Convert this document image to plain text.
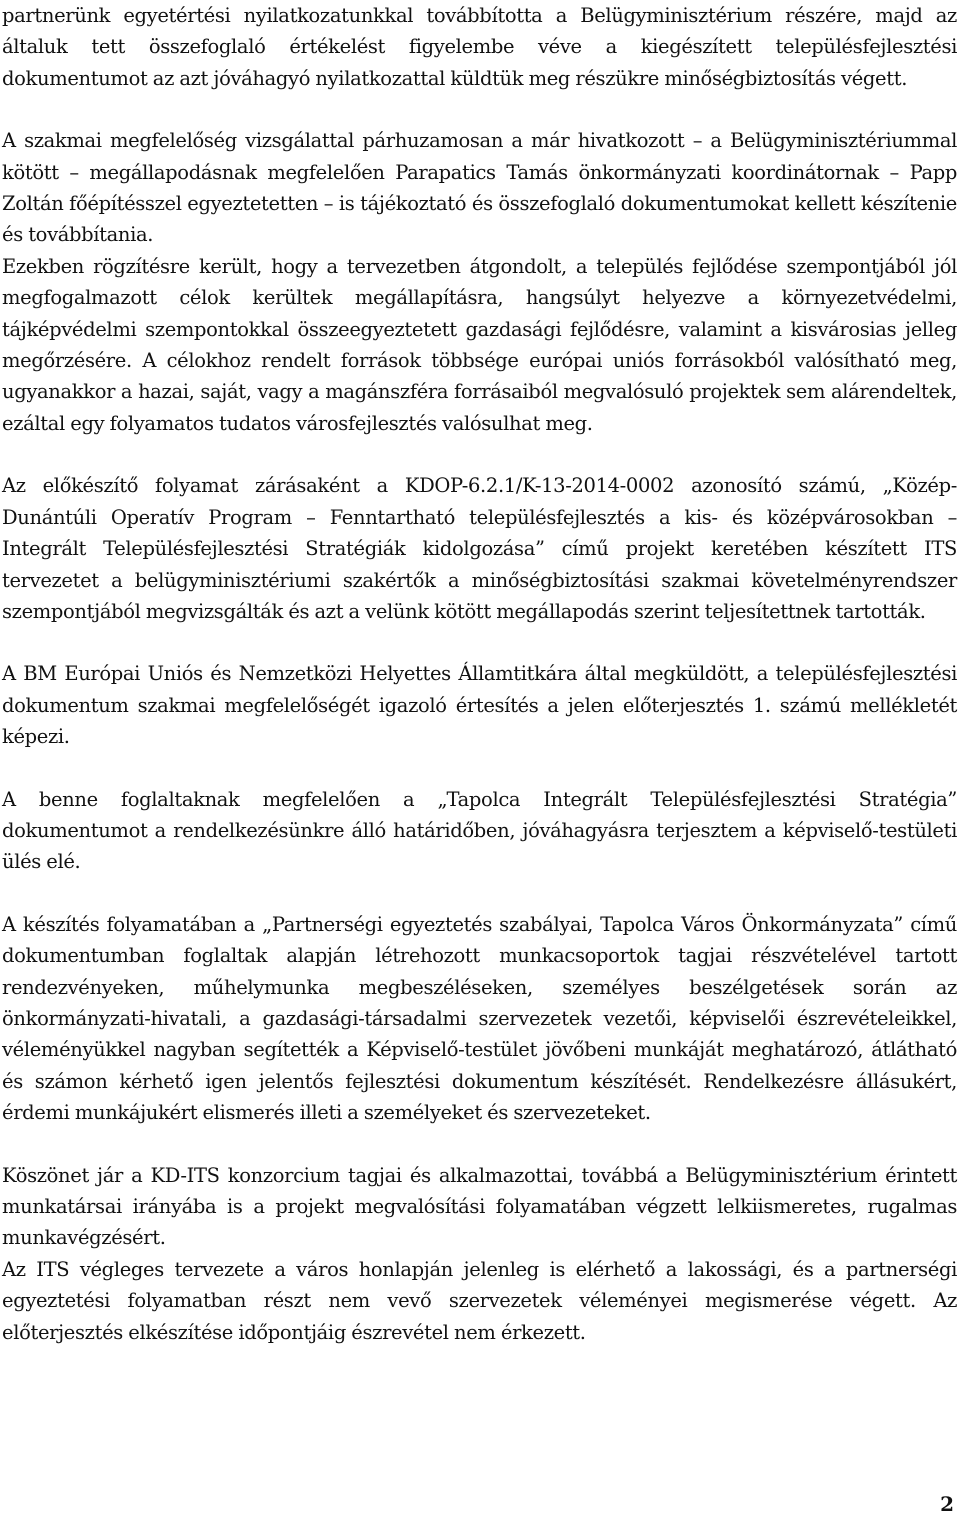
partnerünk egyetértési nyilatkozatunkkal továbbította a Belügyminisztérium részére, majd az általuk tett összefoglaló értékelést figyelembe véve a kiegészített településfejlesztési dokumentumot az azt jóváhagyó nyilatkozattal küldtük meg részükre minőségbiztosítás végett.

A szakmai megfelelőség vizsgálattal párhuzamosan a már hivatkozott – a Belügyminisztériummal kötött – megállapodásnak megfelelően Parapatics Tamás önkormányzati koordinátornak – Papp Zoltán főépítésszel egyeztetetten – is tájékoztató és összefoglaló dokumentumokat kellett készítenie és továbbítania.

Ezekben rögzítésre került, hogy a tervezetben átgondolt, a település fejlődése szempontjából jól megfogalmazott célok kerültek megállapításra, hangsúlyt helyezve a környezetvédelmi, tájképvédelmi szempontokkal összeegyeztetett gazdasági fejlődésre, valamint a kisvárosias jelleg megőrzésére. A célokhoz rendelt források többsége európai uniós forrásokból valósítható meg, ugyanakkor a hazai, saját, vagy a magánszféra forrásaiból megvalósuló projektek sem alárendeltek, ezáltal egy folyamatos tudatos városfejlesztés valósulhat meg.

Az előkészítő folyamat zárásaként a KDOP-6.2.1/K-13-2014-0002 azonosító számú, „Közép-Dunántúli Operatív Program – Fenntartható településfejlesztés a kis- és középvárosokban – Integrált Településfejlesztési Stratégiák kidolgozása” című projekt keretében készített ITS tervezetet a belügyminisztériumi szakértők a minőségbiztosítási szakmai követelményrendszer szempontjából megvizsgálták és azt a velünk kötött megállapodás szerint teljesítettnek tartották.

A BM Európai Uniós és Nemzetközi Helyettes Államtitkára által megküldött, a településfejlesztési dokumentum szakmai megfelelőségét igazoló értesítés a jelen előterjesztés 1. számú mellékletét képezi.

A benne foglaltaknak megfelelően a „Tapolca Integrált Településfejlesztési Stratégia” dokumentumot a rendelkezésünkre álló határidőben, jóváhagyásra terjesztem a képviselő-testületi ülés elé.

A készítés folyamatában a „Partnerségi egyeztetés szabályai, Tapolca Város Önkormányzata” című dokumentumban foglaltak alapján létrehozott munkacsoportok tagjai részvételével tartott rendezvényeken, műhelymunka megbeszéléseken, személyes beszélgetések során az önkormányzati-hivatali, a gazdasági-társadalmi szervezetek vezetői, képviselői észrevételeikkel, véleményükkel nagyban segítették a Képviselő-testület jövőbeni munkáját meghatározó, átlátható és számon kérhető igen jelentős fejlesztési dokumentum készítését. Rendelkezésre állásukért, érdemi munkájukért elismerés illeti a személyeket és szervezeteket.

Köszönet jár a KD-ITS konzorcium tagjai és alkalmazottai, továbbá a Belügyminisztérium érintett munkatársai irányába is a projekt megvalósítási folyamatában végzett lelkiismeretes, rugalmas munkavégzésért.

Az ITS végleges tervezete a város honlapján jelenleg is elérhető a lakossági, és a partnerségi egyeztetési folyamatban részt nem vevő szervezetek véleményei megismerése végett. Az előterjesztés elkészítése időpontjáig észrevétel nem érkezett.

2
